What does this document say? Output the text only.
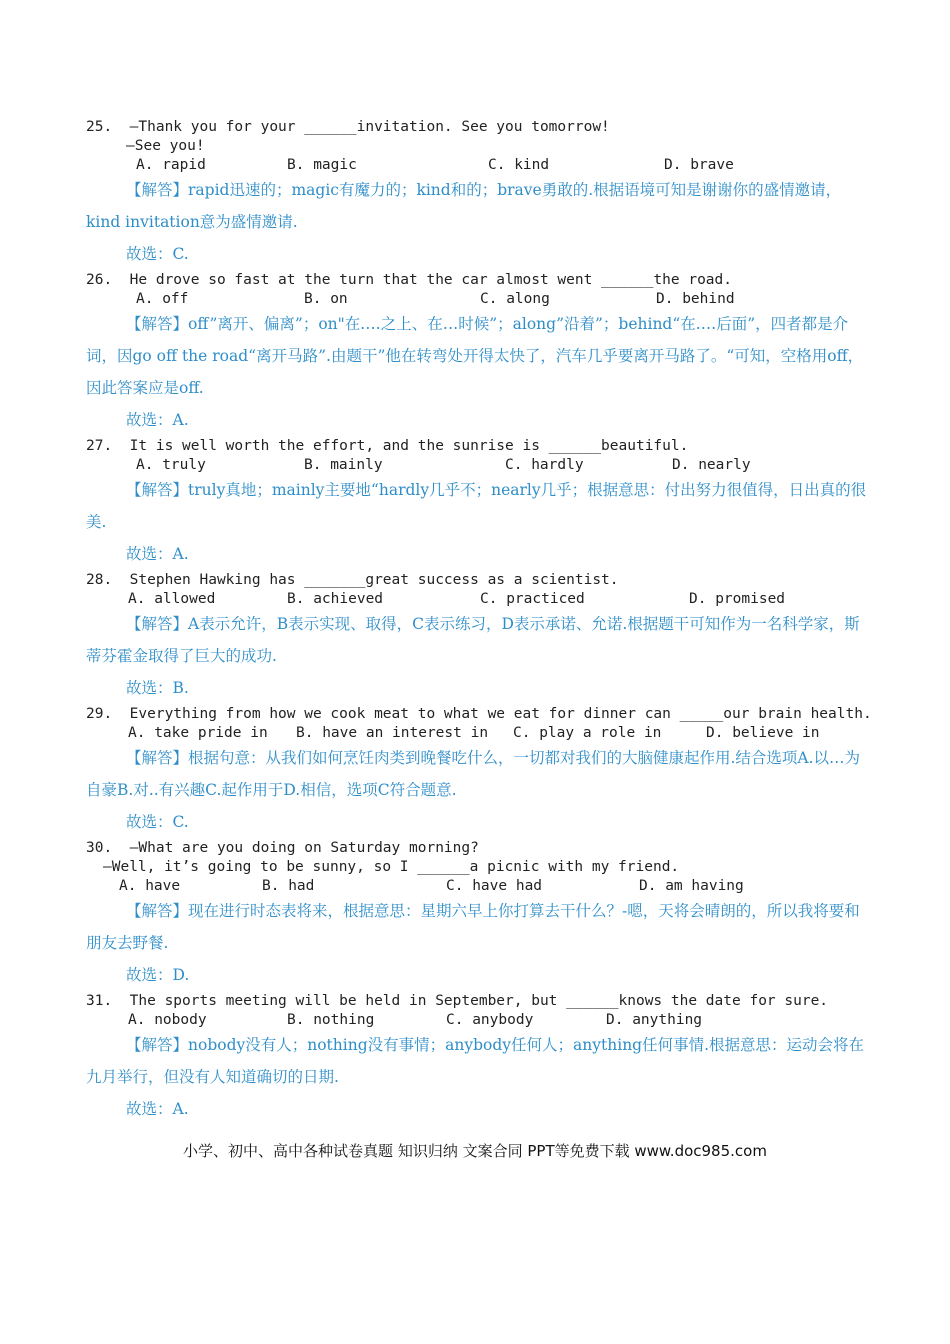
25.  —Thank you for your ______invitation. See you tomorrow!
—See you!

A. rapid

	B. magic

	C. kind

	D. brave

【解答】rapid迅速的；magic有魔力的；kind和的；brave勇敢的.根据语境可知是谢谢你的盛情邀请，kind invitation意为盛情邀请.
故选：C.
26.  He drove so fast at the turn that the car almost went ______the road.

A. off

	B. on

	C. along

	D. behind

【解答】off”离开、偏离”；on"在.…之上、在…时候”；along”沿着”；behind“在.…后面”，四者都是介词，因go off the road“离开马路”.由题干”他在转弯处开得太快了，汽车几乎要离开马路了。“可知，空格用off，因此答案应是off.
故选：A.
27.  It is well worth the effort, and the sunrise is ______beautiful.

A. truly

	B. mainly

	C. hardly

	D. nearly

【解答】truly真地；mainly主要地“hardly几乎不；nearly几乎；根据意思：付出努力很值得，日出真的很美.
故选：A.
28.  Stephen Hawking has _______great success as a scientist.

A. allowed

	B. achieved

	C. practiced

	D. promised

【解答】A表示允许，B表示实现、取得，C表示练习，D表示承诺、允诺.根据题干可知作为一名科学家，斯蒂芬霍金取得了巨大的成功.
故选：B.
29.  Everything from how we cook meat to what we eat for dinner can _____our brain health.

A. take pride in

B. have an interest in

C. play a role in

	D. believe in

【解答】根据句意：从我们如何烹饪肉类到晚餐吃什么，一切都对我们的大脑健康起作用.结合选项A.以…为自豪B.对..有兴趣C.起作用于D.相信，选项C符合题意.
故选：C.
30.  —What are you doing on Saturday morning?
—Well, it’s going to be sunny, so I ______a picnic with my friend.

A. have

	B. had

	C. have had

	D. am having

【解答】现在进行时态表将来，根据意思：星期六早上你打算去干什么？-嗯，天将会晴朗的，所以我将要和朋友去野餐.
故选：D.
31.  The sports meeting will be held in September, but ______knows the date for sure.

A. nobody

	B. nothing

	C. anybody

	D. anything

【解答】nobody没有人；nothing没有事情；anybody任何人；anything任何事情.根据意思：运动会将在九月举行，但没有人知道确切的日期.
故选：A.
小学、初中、高中各种试卷真题 知识归纳 文案合同 PPT等免费下载 www.doc985.com
